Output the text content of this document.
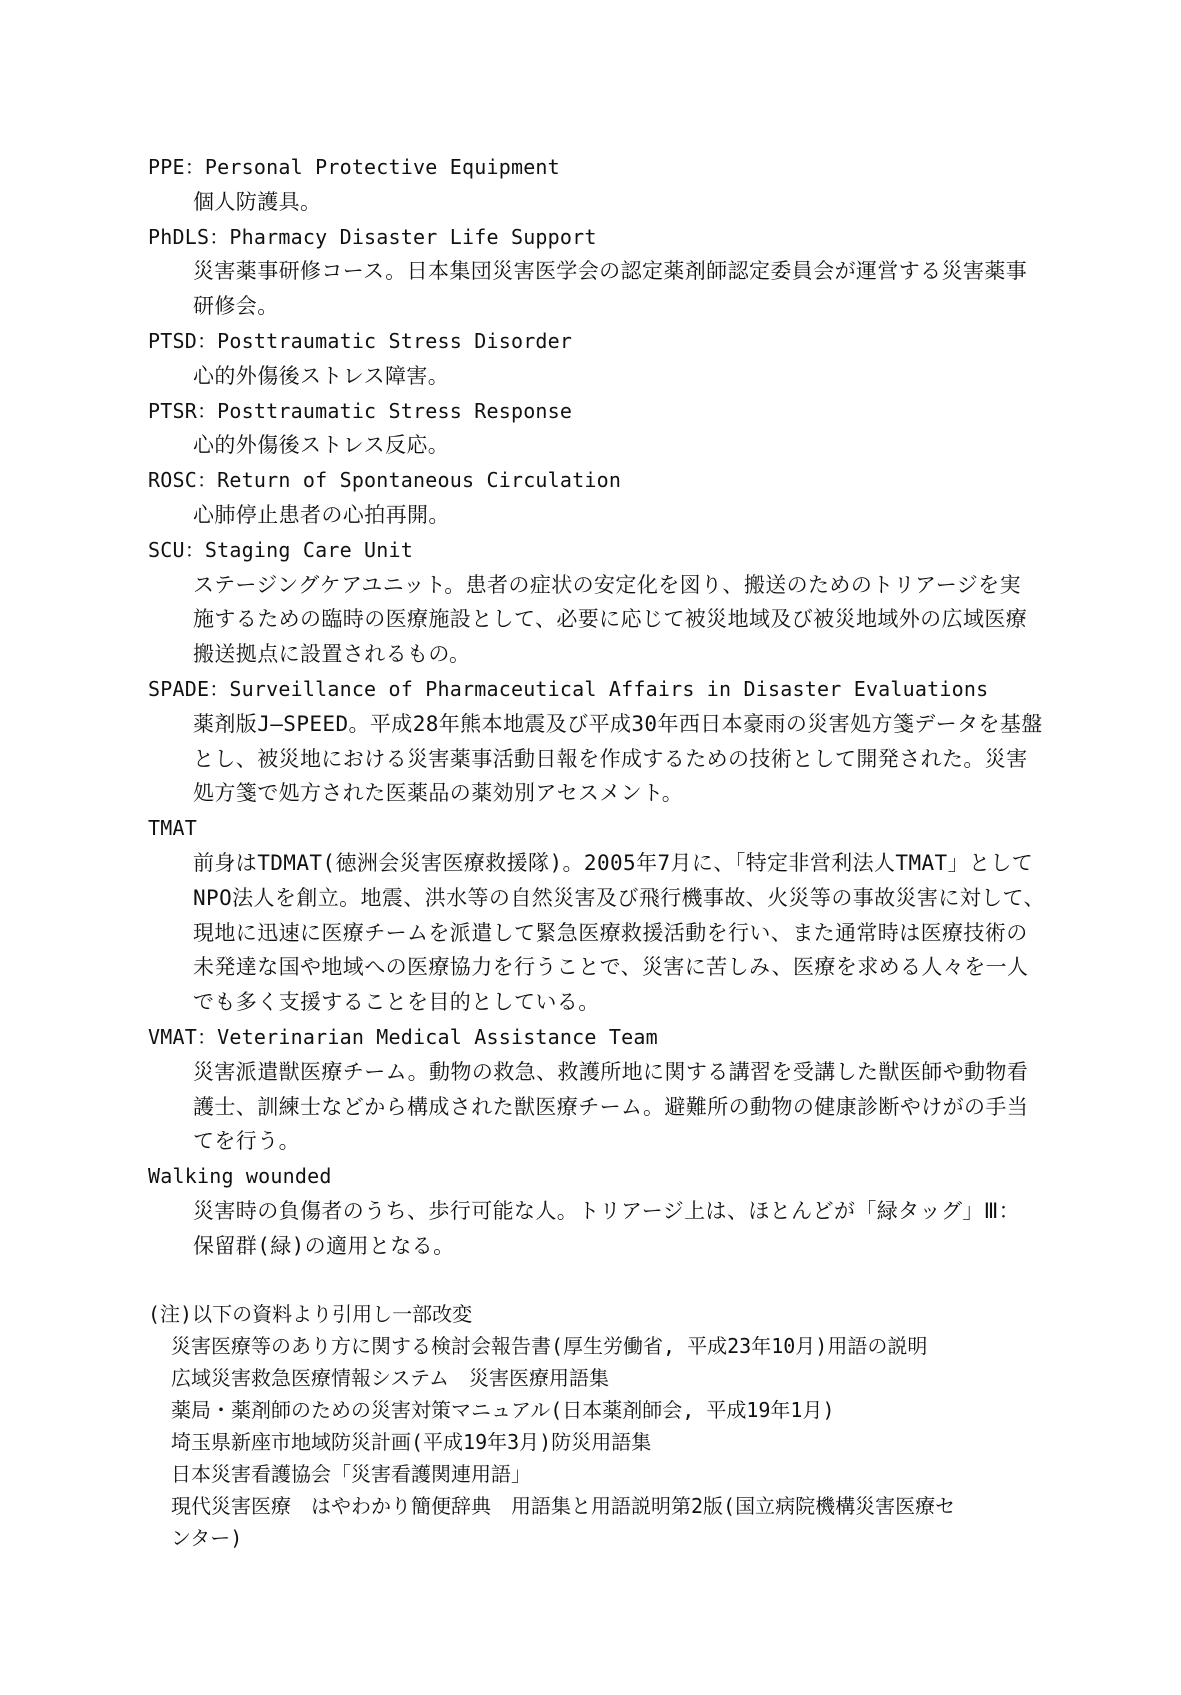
PPE：Personal Protective Equipment
個人防護具。
PhDLS：Pharmacy Disaster Life Support
災害薬事研修コース。日本集団災害医学会の認定薬剤師認定委員会が運営する災害薬事
研修会。
PTSD：Posttraumatic Stress Disorder
心的外傷後ストレス障害。
PTSR：Posttraumatic Stress Response
心的外傷後ストレス反応。
ROSC：Return of Spontaneous Circulation
心肺停止患者の心拍再開。
SCU：Staging Care Unit
ステージングケアユニット。患者の症状の安定化を図り、搬送のためのトリアージを実
施するための臨時の医療施設として、必要に応じて被災地域及び被災地域外の広域医療
搬送拠点に設置されるもの。
SPADE：Surveillance of Pharmaceutical Affairs in Disaster Evaluations
薬剤版J―SPEED。平成28年熊本地震及び平成30年西日本豪雨の災害処方箋データを基盤
とし、被災地における災害薬事活動日報を作成するための技術として開発された。災害
処方箋で処方された医薬品の薬効別アセスメント。
TMAT
前身はTDMAT(徳洲会災害医療救援隊)。2005年7月に、「特定非営利法人TMAT」として
NPO法人を創立。地震、洪水等の自然災害及び飛行機事故、火災等の事故災害に対して、
現地に迅速に医療チームを派遣して緊急医療救援活動を行い、また通常時は医療技術の
未発達な国や地域への医療協力を行うことで、災害に苦しみ、医療を求める人々を一人
でも多く支援することを目的としている。
VMAT：Veterinarian Medical Assistance Team
災害派遣獣医療チーム。動物の救急、救護所地に関する講習を受講した獣医師や動物看
護士、訓練士などから構成された獣医療チーム。避難所の動物の健康診断やけがの手当
てを行う。
Walking wounded
災害時の負傷者のうち、歩行可能な人。トリアージ上は、ほとんどが「緑タッグ」Ⅲ：
保留群(緑)の適用となる。
(注)以下の資料より引用し一部改変
災害医療等のあり方に関する検討会報告書(厚生労働省, 平成23年10月)用語の説明
広域災害救急医療情報システム　災害医療用語集
薬局・薬剤師のための災害対策マニュアル(日本薬剤師会, 平成19年1月)
埼玉県新座市地域防災計画(平成19年3月)防災用語集
日本災害看護協会「災害看護関連用語」
現代災害医療　はやわかり簡便辞典　用語集と用語説明第2版(国立病院機構災害医療セ
ンター)
